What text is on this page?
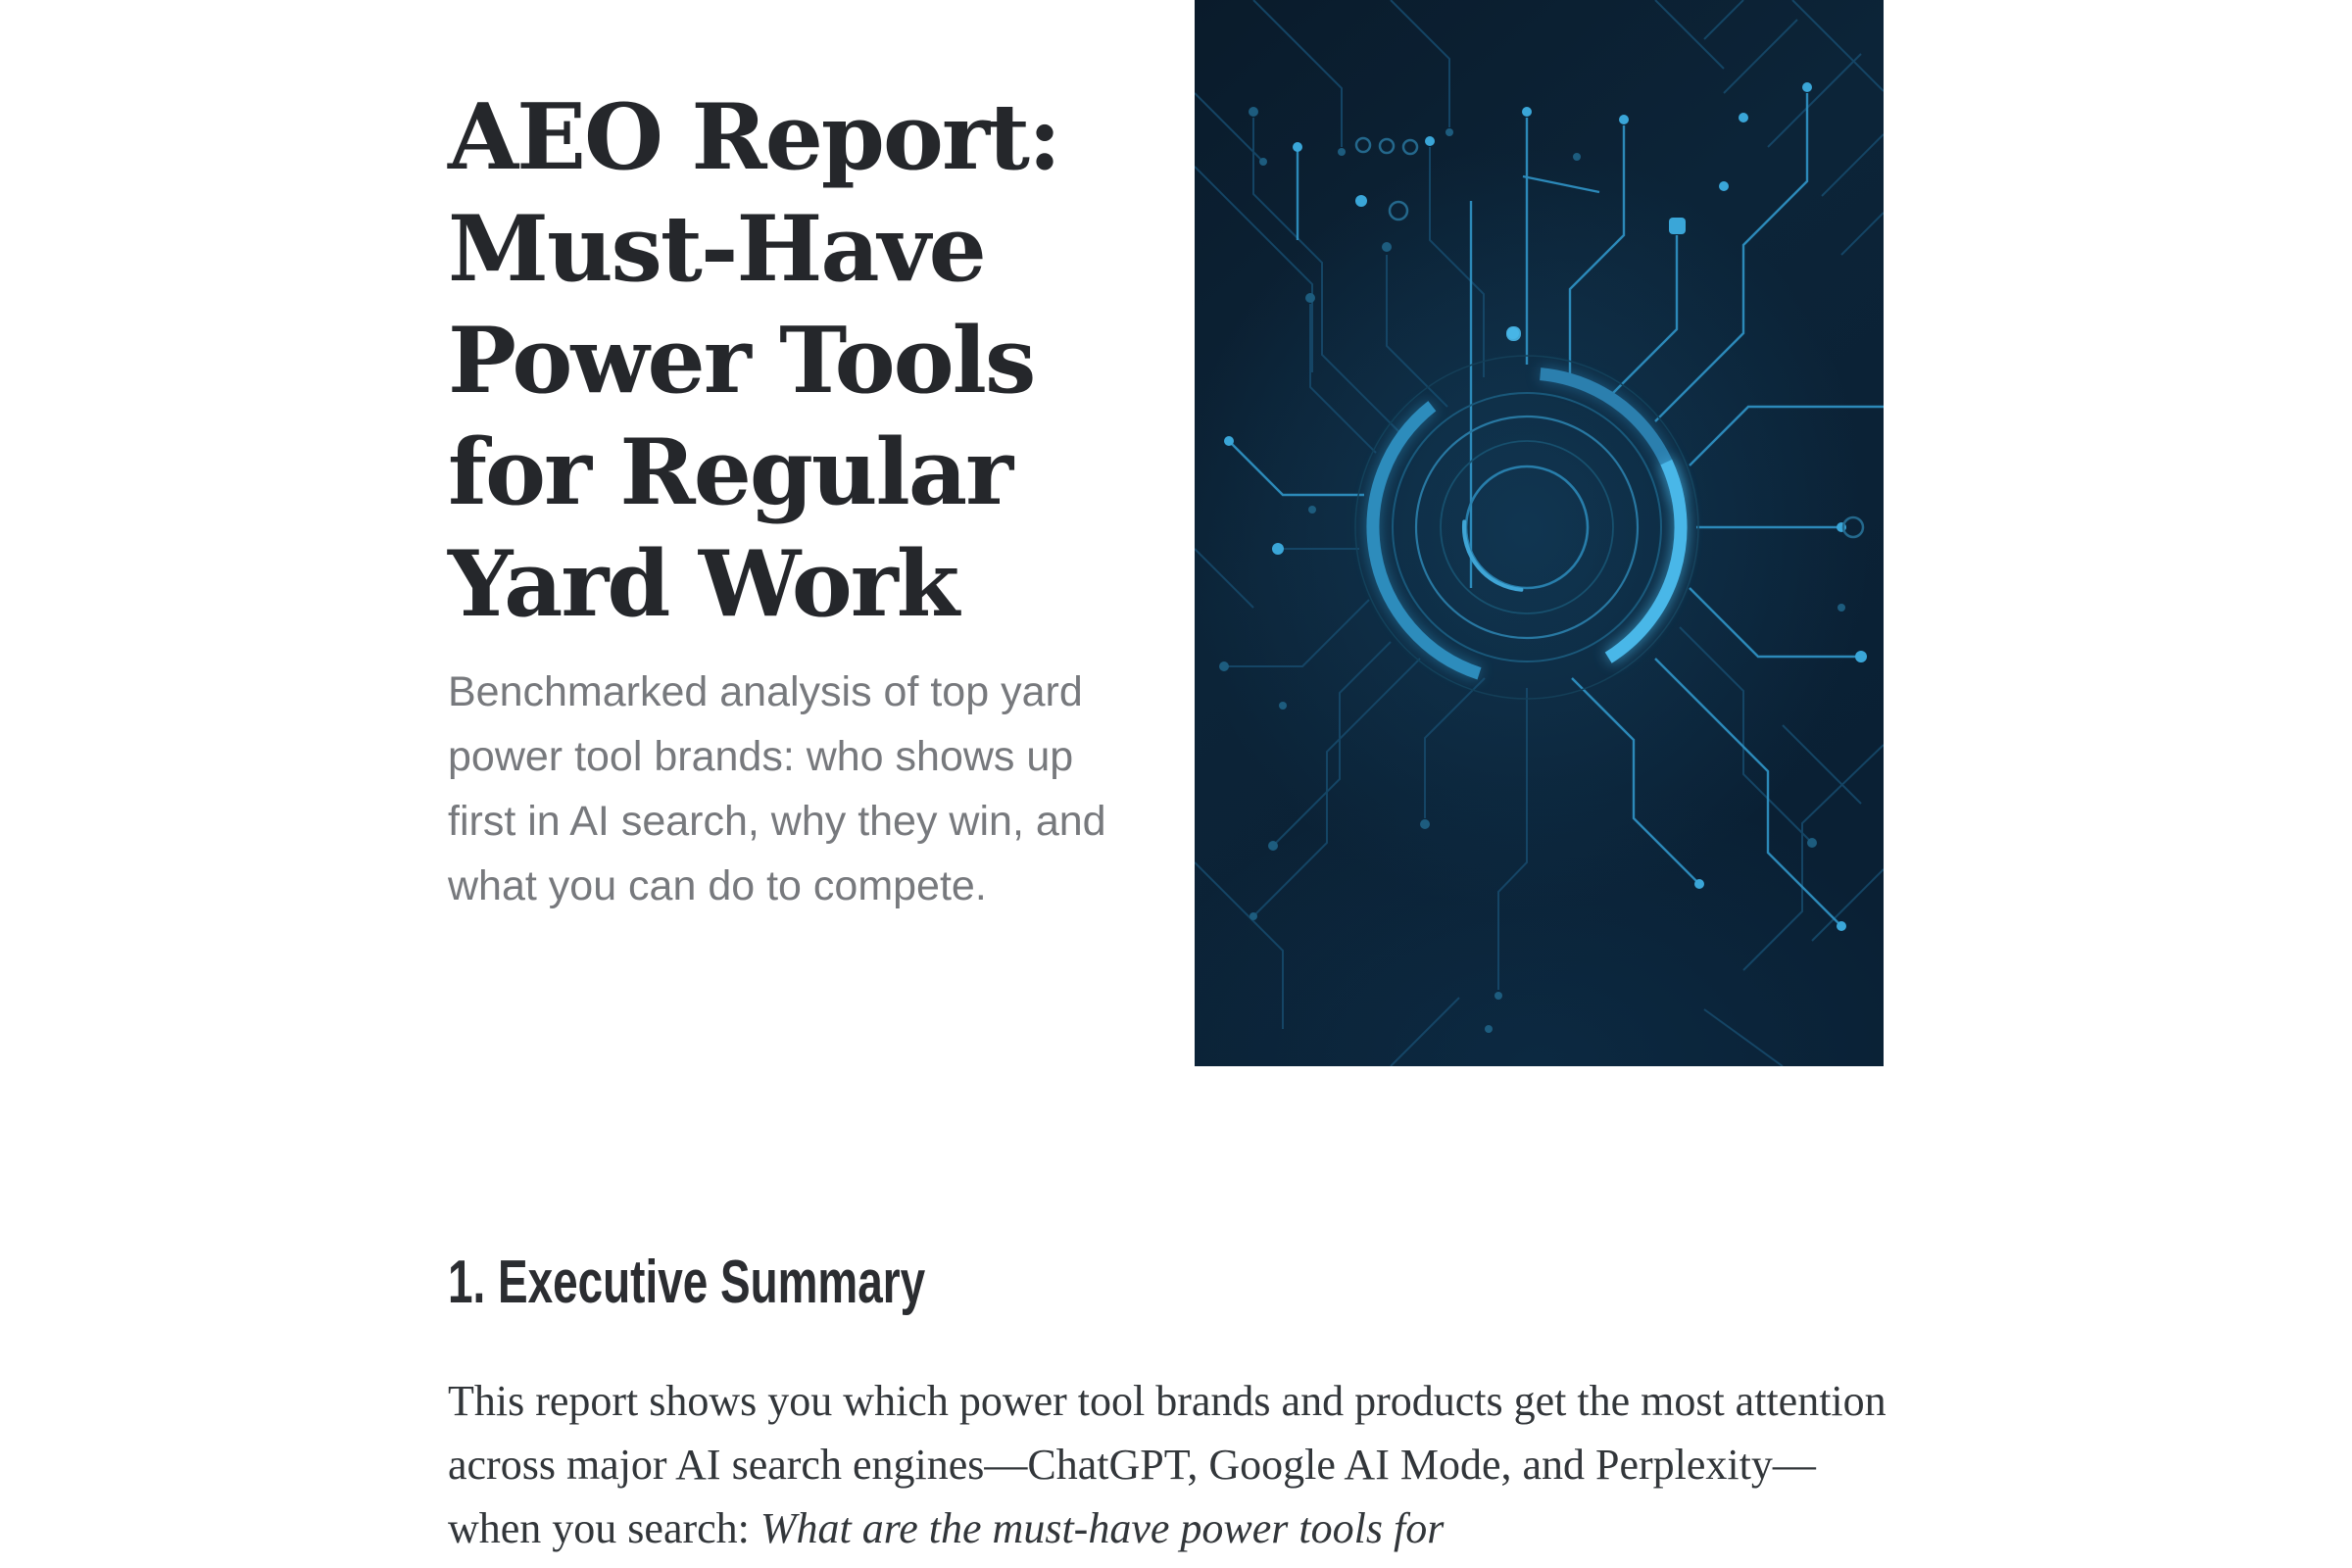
AEO Report:
Must-Have
Power Tools
for Regular
Yard Work
Benchmarked analysis of top yard
power tool brands: who shows up
first in AI search, why they win, and
what you can do to compete.
1. Executive Summary

This report shows you which power tool brands and products get the most attention across major AI search engines—ChatGPT, Google AI Mode, and Perplexity—when you search: What are the must-have power tools for
